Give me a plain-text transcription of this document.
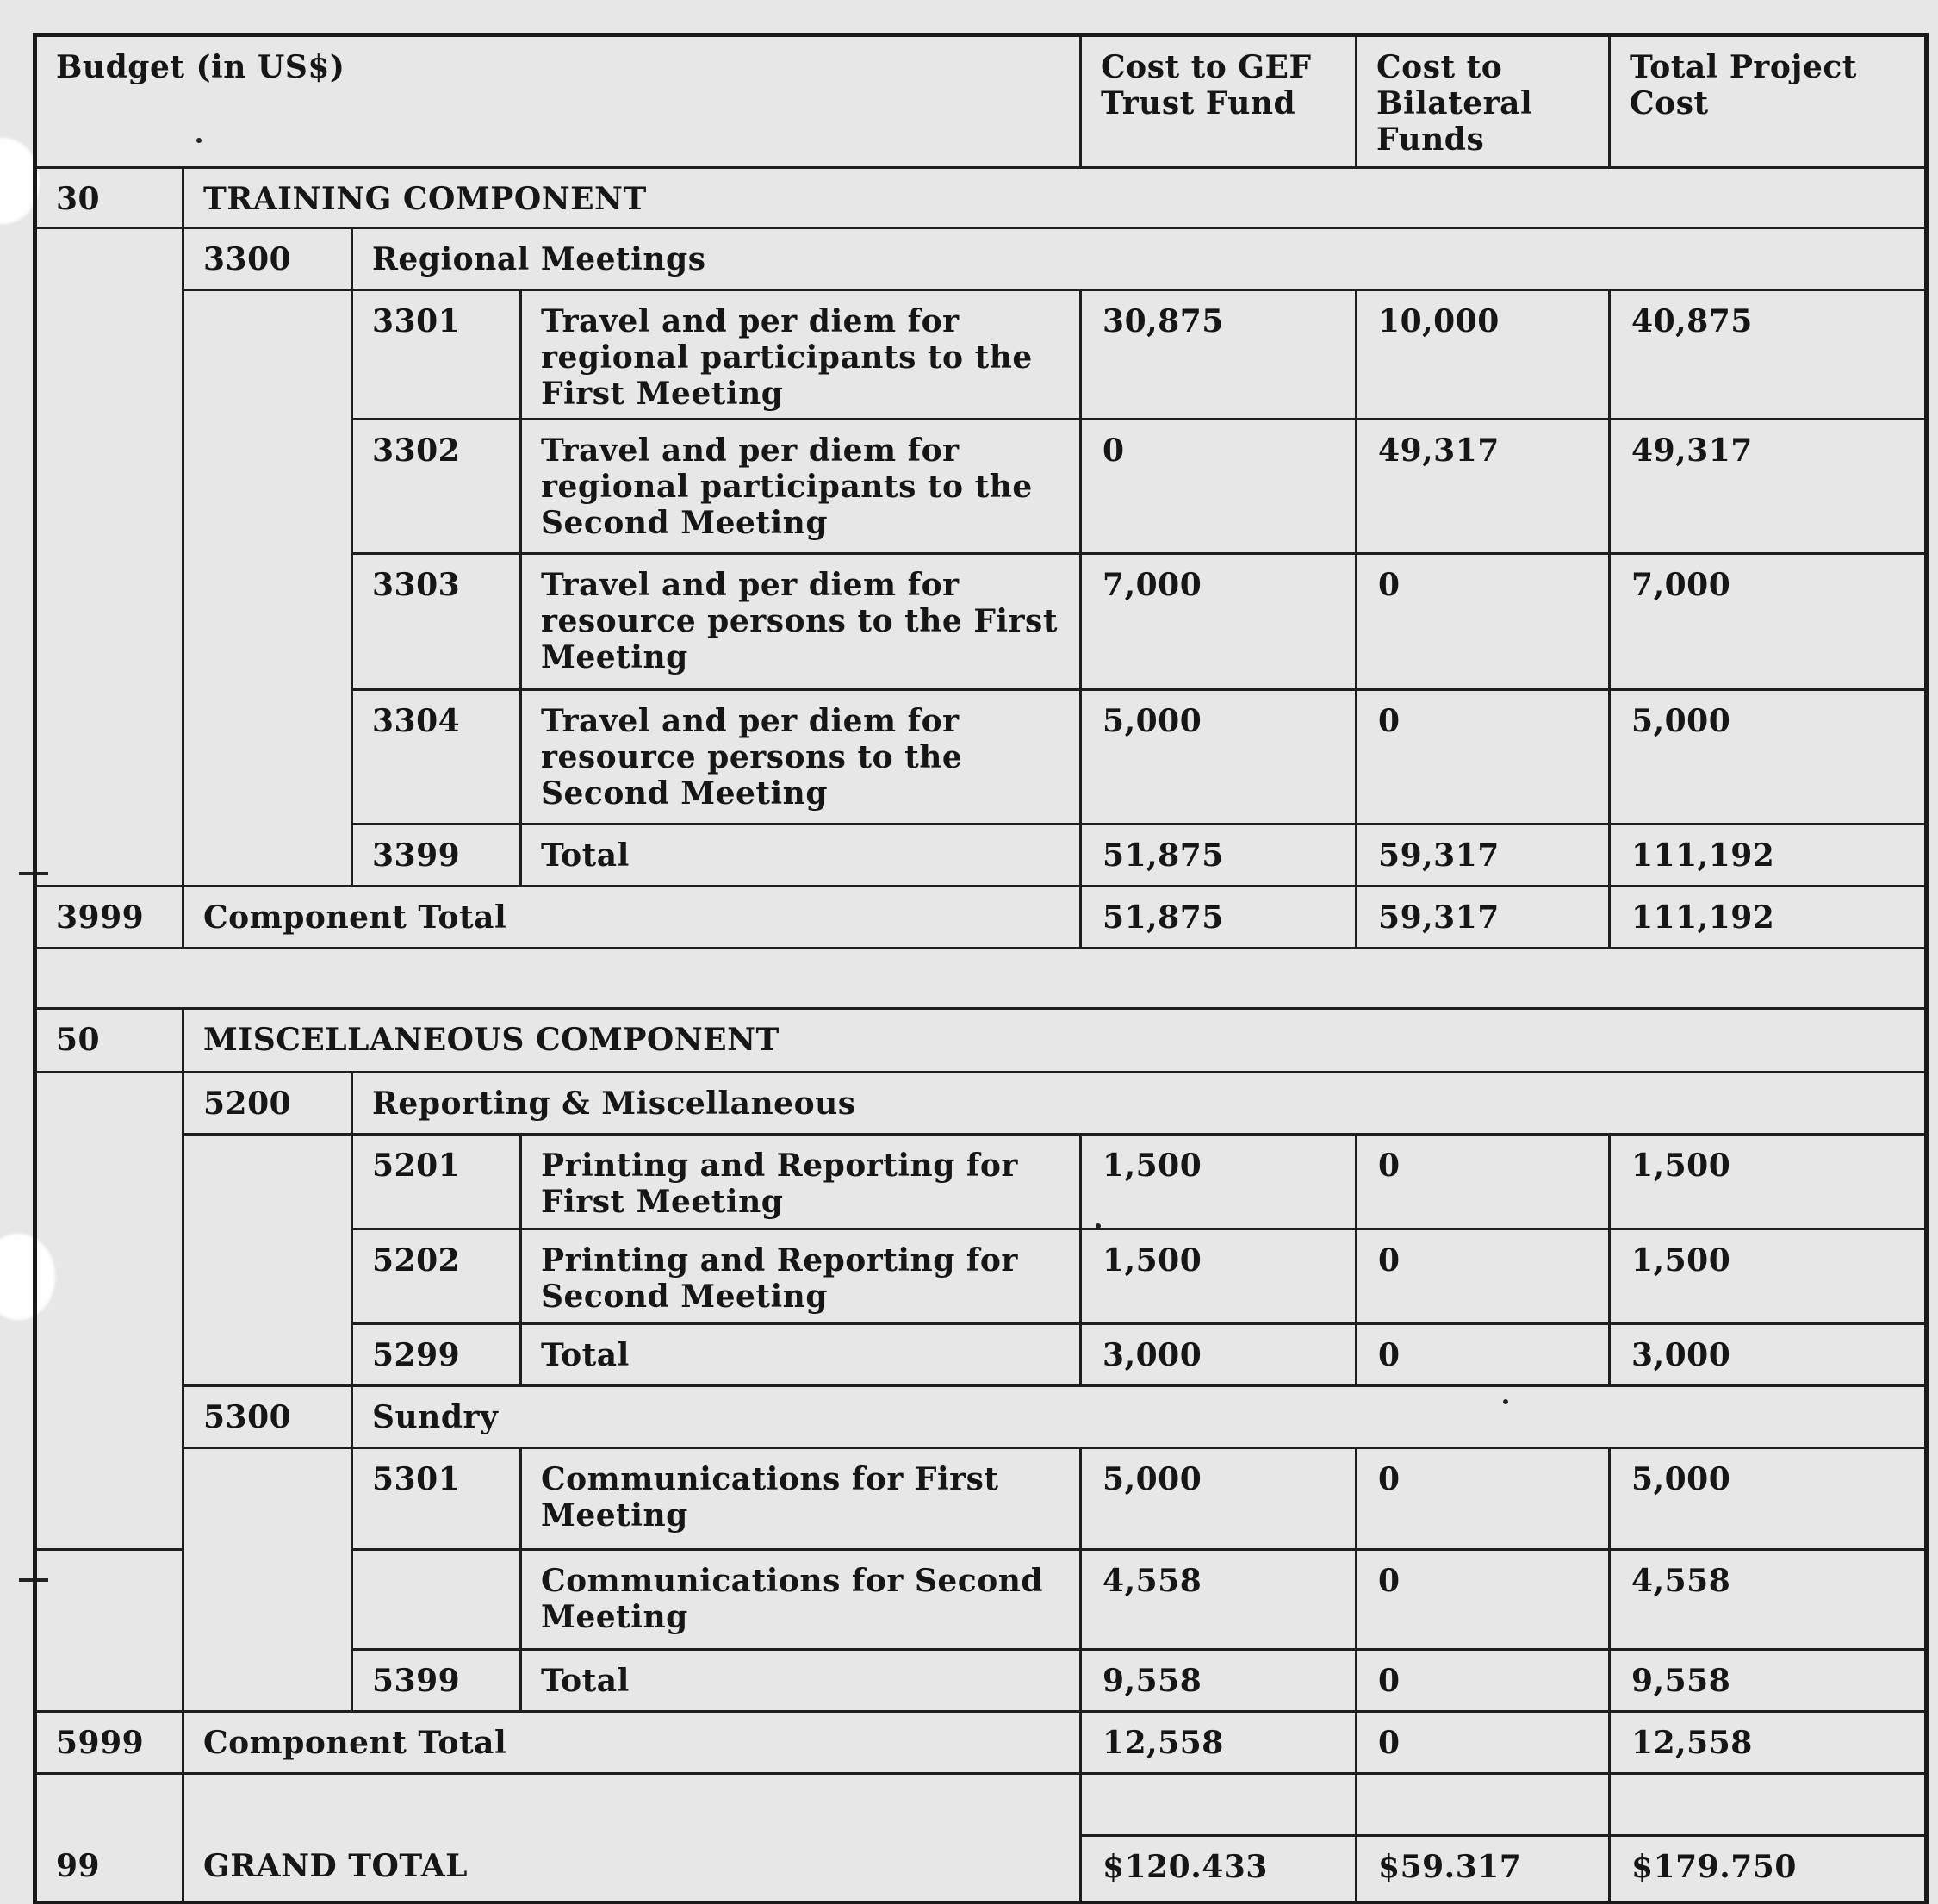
Budget (in US$)				Cost to GEF Trust Fund	Cost to Bilateral Funds	Total Project Cost
30	TRAINING COMPONENT					
	3300	Regional Meetings				
		3301	Travel and per diem for regional participants to the First Meeting	30,875	10,000	40,875
		3302	Travel and per diem for regional participants to the Second Meeting	0	49,317	49,317
		3303	Travel and per diem for resource persons to the First Meeting	7,000	0	7,000
		3304	Travel and per diem for resource persons to the Second Meeting	5,000	0	5,000
		3399	Total	51,875	59,317	111,192
3999	Component Total			51,875	59,317	111,192

50	MISCELLANEOUS COMPONENT					
	5200	Reporting & Miscellaneous				
		5201	Printing and Reporting for First Meeting	1,500	0	1,500
		5202	Printing and Reporting for Second Meeting	1,500	0	1,500
		5299	Total	3,000	0	3,000
	5300	Sundry				
		5301	Communications for First Meeting	5,000	0	5,000
			Communications for Second Meeting	4,558	0	4,558
		5399	Total	9,558	0	9,558
5999	Component Total			12,558	0	12,558

99	GRAND TOTAL			$120.433	$59.317	$179.750
